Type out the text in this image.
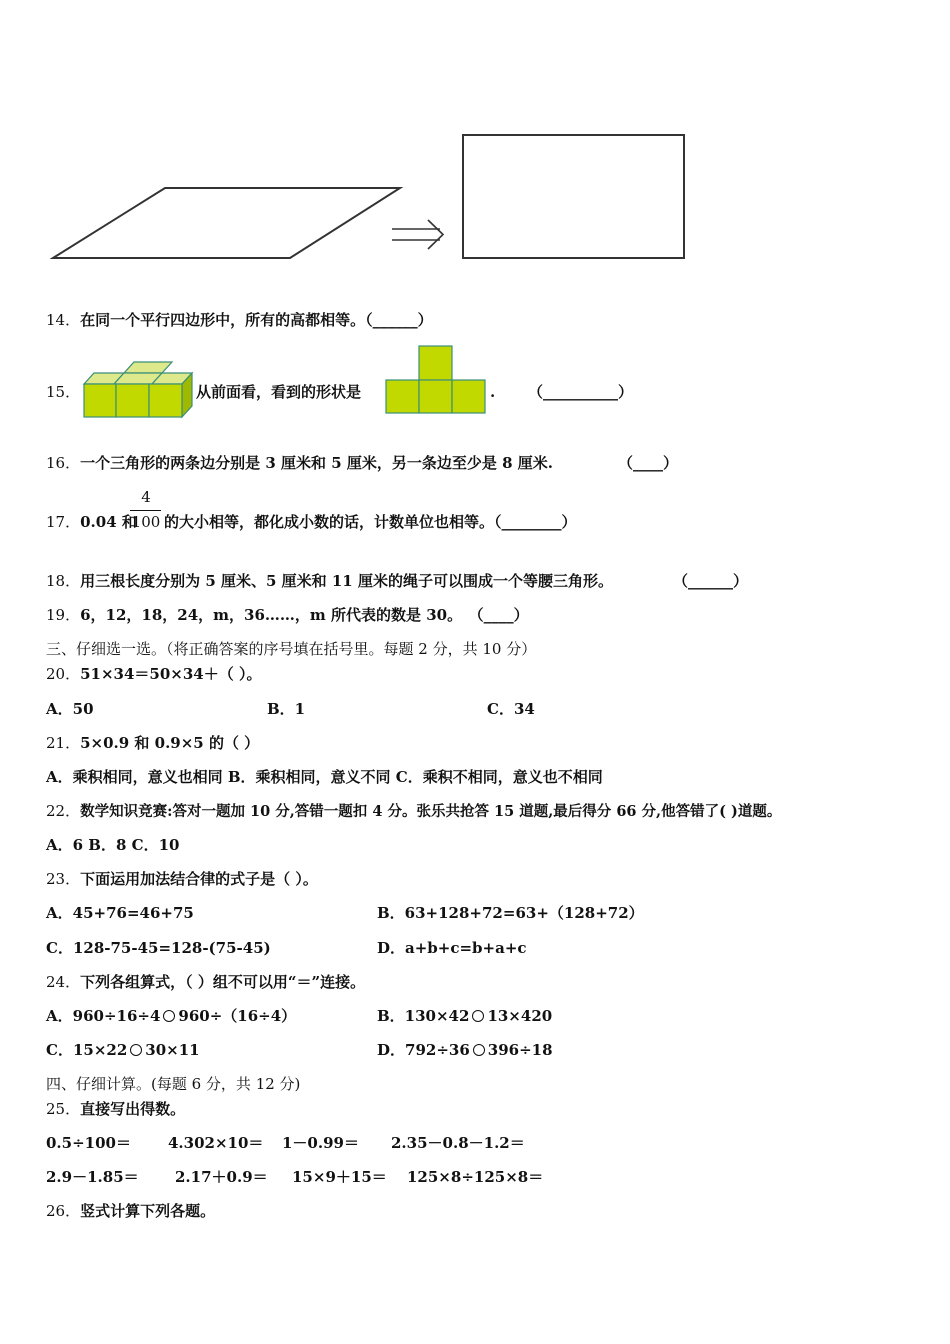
14．在同一个平行四边形中，所有的高都相等。（______）
15．	从前面看，看到的形状是	. （__________）
16．一个三角形的两条边分别是 3 厘米和 5 厘米，另一条边至少是 8 厘米.	（____）
17．0.04 和
4
100 的大小相等，都化成小数的话，计数单位也相等。（________）
18．用三根长度分别为 5 厘米、5 厘米和 11 厘米的绳子可以围成一个等腰三角形。	（______）
19．6，12，18，24，m，36……，m 所代表的数是 30。 （____）
三、仔细选一选。（将正确答案的序号填在括号里。每题 2 分，共 10 分）
20．51×34＝50×34＋（ ）。
A．50	B．1	C．34
21．5×0.9 和 0.9×5 的（ ）
A．乘积相同，意义也相同 B．乘积相同，意义不同 C．乘积不相同，意义也不相同
22．数学知识竞赛:答对一题加 10 分,答错一题扣 4 分。张乐共抢答 15 道题,最后得分 66 分,他答错了( )道题。
A．6 B．8 C．10
23．下面运用加法结合律的式子是（ ）。
A．45+76=46+75	B．63+128+72=63+（128+72）
C．128-75-45=128-(75-45)	D．a+b+c=b+a+c
24．下列各组算式，（ ）组不可以用“＝”连接。
A．960÷16÷4 960÷（16÷4）	B．130×42 13×420
C．15×22 30×11	D．792÷36 396÷18
四、仔细计算。(每题 6 分，共 12 分)
25．直接写出得数。
0.5÷100＝ 4.302×10＝ 1－0.99＝ 2.35－0.8－1.2＝
2.9－1.85＝ 2.17＋0.9＝ 15×9＋15＝ 125×8÷125×8＝
26．竖式计算下列各题。
